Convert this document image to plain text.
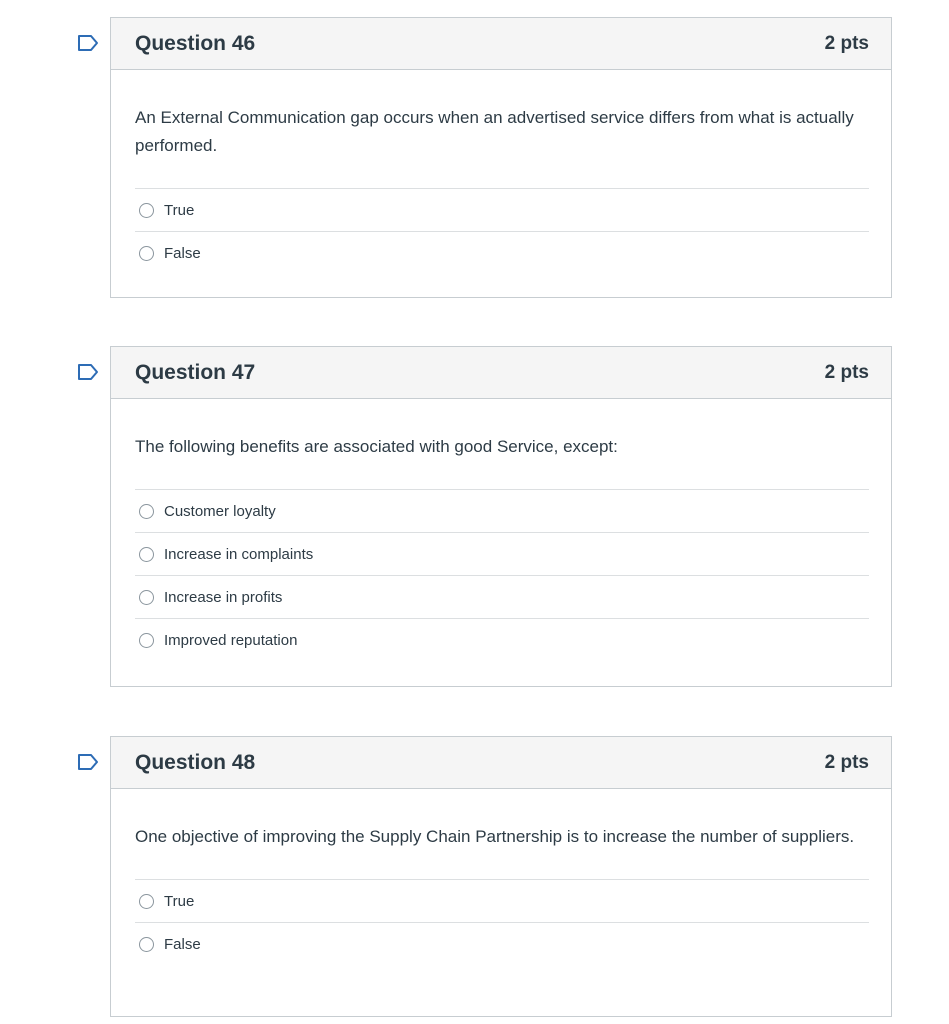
Question 46	2 pts

An External Communication gap occurs when an advertised service differs from what is actually performed.

True
False
Question 47	2 pts

The following benefits are associated with good Service, except:

Customer loyalty
Increase in complaints
Increase in profits
Improved reputation
Question 48	2 pts

One objective of improving the Supply Chain Partnership is to increase the number of suppliers.

True
False
